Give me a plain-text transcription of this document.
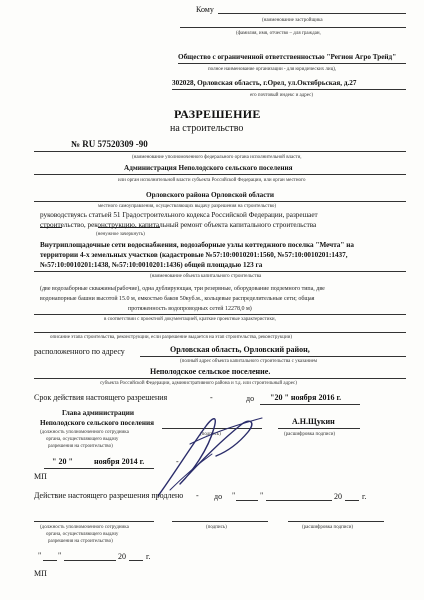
Кому
(наименование застройщика
(фамилия, имя, отчество – для граждан,
Общество с ограниченной ответственностью "Регион Агро Трейд"
полное наименование организации - для юридических лиц),
302028, Орловская область, г.Орел, ул.Октябрьская, д.27
его почтовый индекс и адрес)
РАЗРЕШЕНИЕ
на строительство
№ RU 57520309 -90
(наименование уполномоченного федерального органа исполнительной власти,
Администрация Неполодского сельского поселения
или орган исполнительной власти субъекта Российской Федерации, или орган местного
Орловского района Орловской области
местного самоуправления, осуществляющих выдачу разрешения на строительство)
руководствуясь статьей 51 Градостроительного кодекса Российской Федерации, разрешает
строительство, реконструкцию, капитальный ремонт объекта капитального строительства
(ненужное зачеркнуть)
Внутриплощадочные сети водоснабжения, водозаборные узлы коттеджного поселка "Мечта" на
территории 4-х земельных участков (кадастровые №57:10:0010201:1560, №57:10:0010201:1437,
№57:10:0010201:1438, №57:10:0010201:1436) общей площадью 123 га
(наименование объекта капитального строительства
(две водозаборные скважины(рабочие), одна дублирующая, три резервные, оборудование подземного типа, две
водонапорные башни высотой 15.0 м, емкостью баков 50куб.м., кольцевые распределительные сети; общая
протяженность водопроводных сетей 12278,0 м)
в соответствии с проектной документацией, краткие проектные характеристики,
описание этапа строительства, реконструкции, если разрешение выдается на этап строительства, реконструкции)
расположенного по адресу	Орловская область, Орловский район,
(полный адрес объекта капитального строительства с указанием
Неполодское сельское поселение.
субъекта Российской Федерации, административного района и т.д. или строительный адрес)
Срок действия настоящего разрешения	-	до "20 " ноября 2016 г.
Глава администрации
Неполодского сельского поселения
(должность уполномоченного сотрудника
органа, осуществляющего выдачу
разрешения на строительство)
(подпись)
А.Н.Щукин
(расшифровка подписи)
" 20 "	ноября 2014 г.	-
МП
Действие настоящего разрешения продлено - до "	"	20	г.
(должность уполномоченного сотрудника
органа, осуществляющего выдачу
разрешения на строительство)
(подпись)	(расшифровка подписи)
" "	20	г.
МП
